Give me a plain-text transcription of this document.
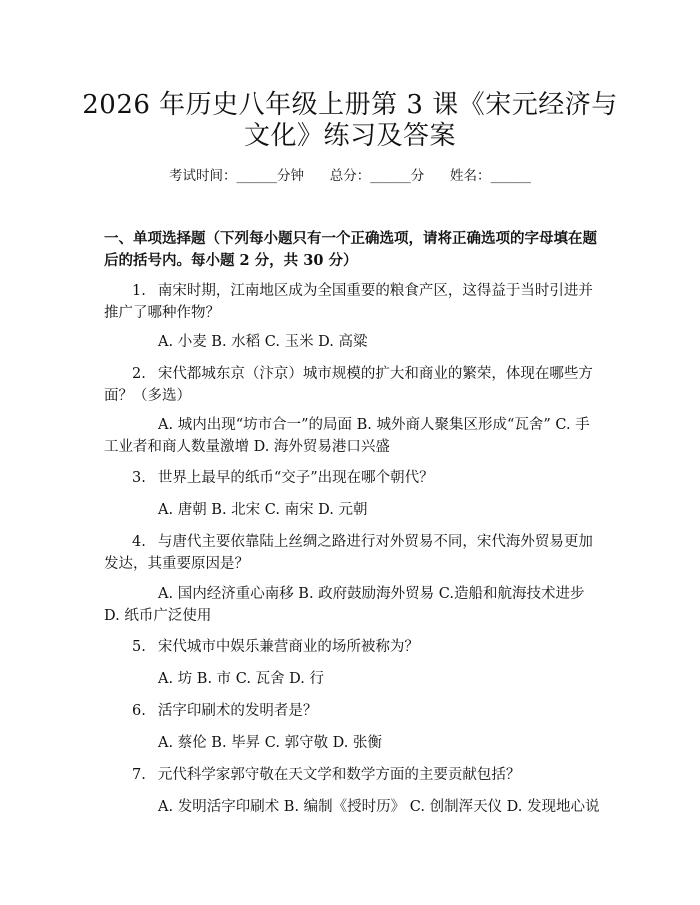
2026 年历史八年级上册第 3 课《宋元经济与
文化》练习及答案
考试时间：______分钟      总分：______分      姓名：______
一、单项选择题（下列每小题只有一个正确选项，请将正确选项的字母填在题后的括号内。每小题 2 分，共 30 分）
1. 南宋时期，江南地区成为全国重要的粮食产区，这得益于当时引进并推广了哪种作物？
A. 小麦 B. 水稻 C. 玉米 D. 高粱
2. 宋代都城东京（汴京）城市规模的扩大和商业的繁荣，体现在哪些方面？（多选）
A. 城内出现“坊市合一”的局面 B. 城外商人聚集区形成“瓦舍” C. 手工业者和商人数量激增 D. 海外贸易港口兴盛
3. 世界上最早的纸币“交子”出现在哪个朝代？
A. 唐朝 B. 北宋 C. 南宋 D. 元朝
4. 与唐代主要依靠陆上丝绸之路进行对外贸易不同，宋代海外贸易更加发达，其重要原因是？
A. 国内经济重心南移 B. 政府鼓励海外贸易 C.造船和航海技术进步 D. 纸币广泛使用
5. 宋代城市中娱乐兼营商业的场所被称为？
A. 坊 B. 市 C. 瓦舍 D. 行
6. 活字印刷术的发明者是？
A. 蔡伦 B. 毕昇 C. 郭守敬 D. 张衡
7. 元代科学家郭守敬在天文学和数学方面的主要贡献包括？
A. 发明活字印刷术 B. 编制《授时历》 C. 创制浑天仪 D. 发现地心说
